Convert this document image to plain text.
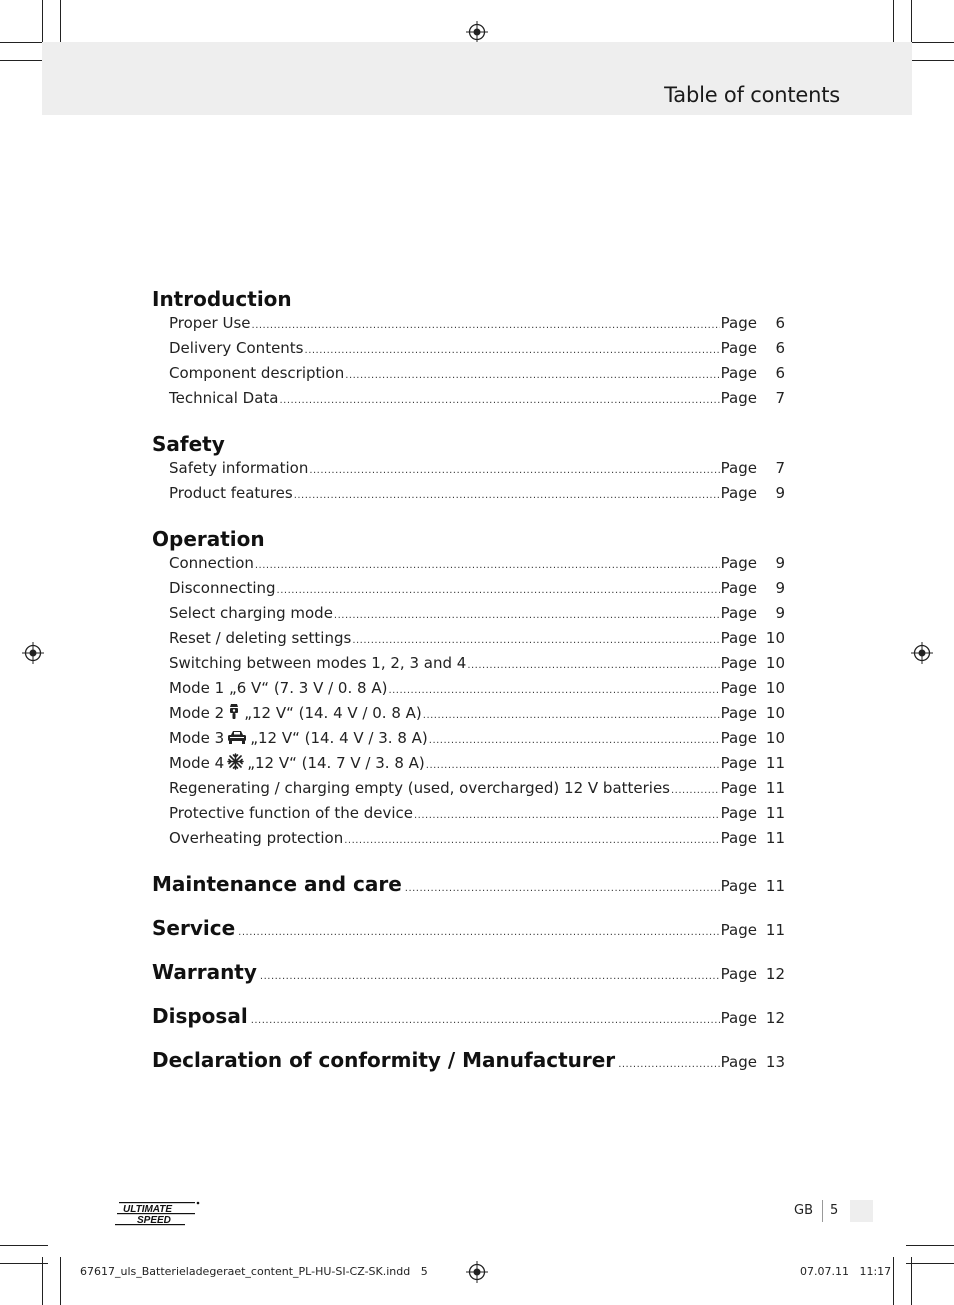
Table of contents
Introduction
Proper Use .....	Page	6
Delivery Contents .....	Page	6
Component description .....	Page	6
Technical Data .....	Page	7
Safety
Safety information .....	Page	7
Product features .....	Page	9
Operation
Connection .....	Page	9
Disconnecting .....	Page	9
Select charging mode .....	Page	9
Reset / deleting settings .....	Page 10
Switching between modes 1, 2, 3 and 4 .....	Page 10
Mode 1 „6 V“ (7. 3 V / 0. 8 A) .....	Page 10
Mode 2 „12 V“ (14. 4 V / 0. 8 A) .....	Page 10
Mode 3 „12 V“ (14. 4 V / 3. 8 A) .....	Page 10
Mode 4 „12 V“ (14. 7 V / 3. 8 A) .....	Page 11
Regenerating / charging empty (used, overcharged) 12 V batteries .....	Page 11
Protective function of the device .....	Page 11
Overheating protection .....	Page 11
Maintenance and care .....	Page 11
Service .....	Page 11
Warranty .....	Page 12
Disposal .....	Page 12
Declaration of conformity / Manufacturer .....	Page 13
ULTIMATE
SPEED
GB 5
67617_uls_Batterieladegeraet_content_PL-HU-SI-CZ-SK.indd   5	07.07.11   11:17
